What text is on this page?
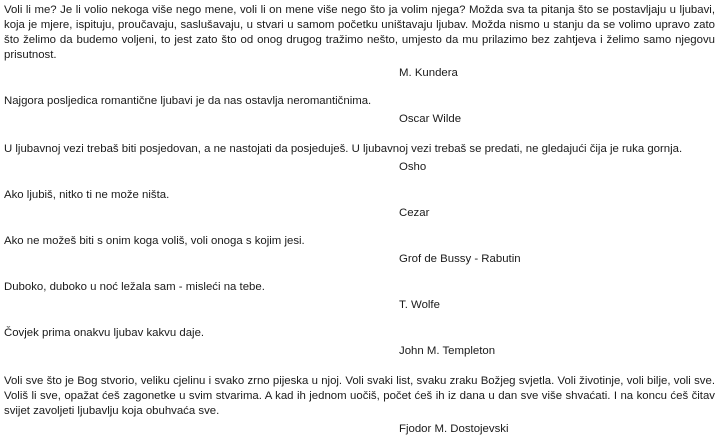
Voli li me? Je li volio nekoga više nego mene, voli li on mene više nego što ja volim njega? Možda sva ta pitanja što se postavljaju u ljubavi, koja je mjere, ispituju, proučavaju, saslušavaju, u stvari u samom početku uništavaju ljubav. Možda nismo u stanju da se volimo upravo zato što želimo da budemo voljeni, to jest zato što od onog drugog tražimo nešto, umjesto da mu prilazimo bez zahtjeva i želimo samo njegovu prisutnost.

M. Kundera

Najgora posljedica romantične ljubavi je da nas ostavlja neromantičnima.

Oscar Wilde

U ljubavnoj vezi trebaš biti posjedovan, a ne nastojati da posjeduješ. U ljubavnoj vezi trebaš se predati, ne gledajući čija je ruka gornja.

Osho

Ako ljubiš, nitko ti ne može ništa.

Cezar

Ako ne možeš biti s onim koga voliš, voli onoga s kojim jesi.

Grof de Bussy - Rabutin

Duboko, duboko u noć ležala sam - misleći na tebe.

T. Wolfe

Čovjek prima onakvu ljubav kakvu daje.

John M. Templeton

Voli sve što je Bog stvorio, veliku cjelinu i svako zrno pijeska u njoj. Voli svaki list, svaku zraku Božjeg svjetla. Voli životinje, voli bilje, voli sve. Voliš li sve, opažat ćeš zagonetke u svim stvarima. A kad ih jednom uočiš, počet ćeš ih iz dana u dan sve više shvaćati. I na koncu ćeš čitav svijet zavoljeti ljubavlju koja obuhvaća sve.

Fjodor M. Dostojevski
